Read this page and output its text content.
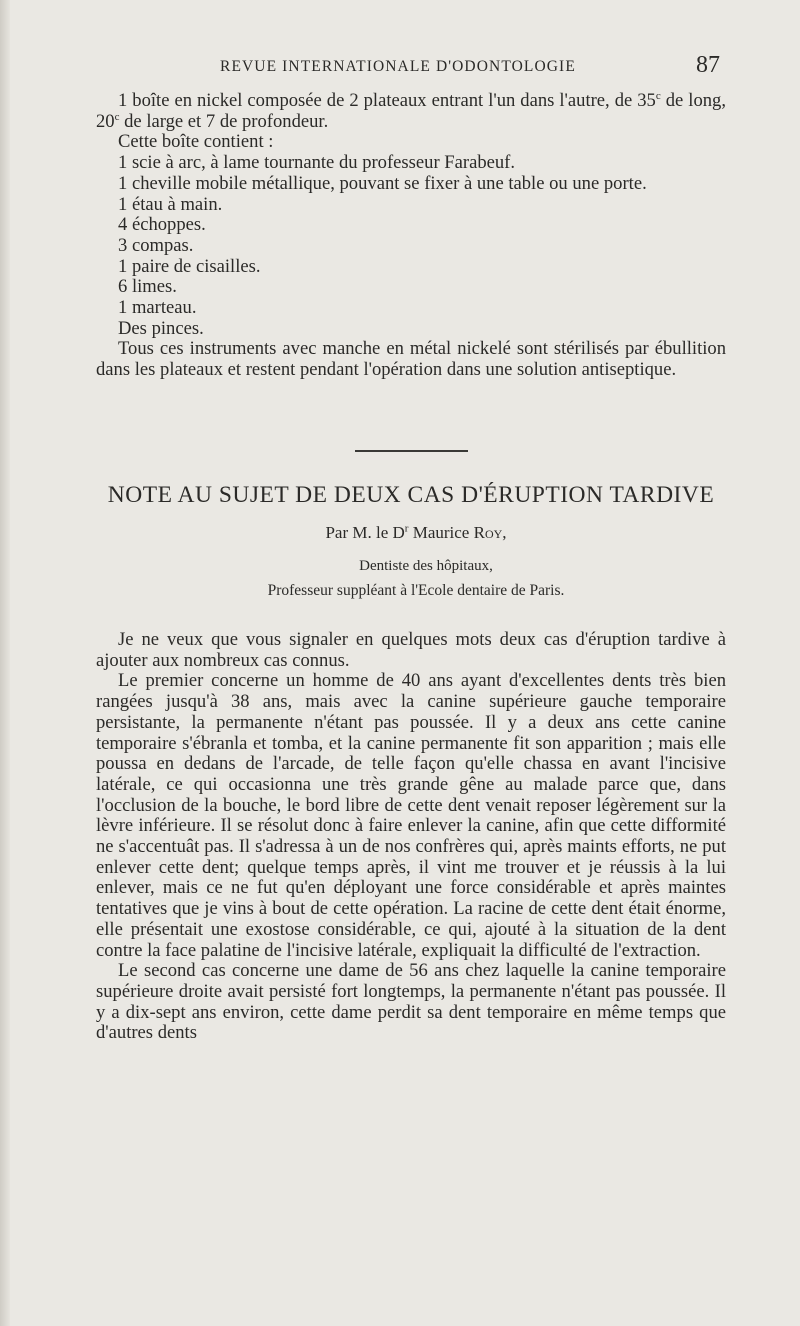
REVUE INTERNATIONALE D'ODONTOLOGIE	87

1 boîte en nickel composée de 2 plateaux entrant l'un dans l'autre, de 35$^c$ de long, 20$^c$ de large et 7 de profondeur.

Cette boîte contient :

1 scie à arc, à lame tournante du professeur Farabeuf.

1 cheville mobile métallique, pouvant se fixer à une table ou une porte.

1 étau à main.

4 échoppes.

3 compas.

1 paire de cisailles.

6 limes.

1 marteau.

Des pinces.

Tous ces instruments avec manche en métal nickelé sont stérilisés par ébullition dans les plateaux et restent pendant l'opération dans une solution antiseptique.

NOTE AU SUJET DE DEUX CAS D'ÉRUPTION TARDIVE
Par M. le $D^r$ Maurice Roy,
Dentiste des hôpitaux,
Professeur suppléant à l'Ecole dentaire de Paris.

Je ne veux que vous signaler en quelques mots deux cas d'éruption tardive à ajouter aux nombreux cas connus.

Le premier concerne un homme de 40 ans ayant d'excellentes dents très bien rangées jusqu'à 38 ans, mais avec la canine supérieure gauche temporaire persistante, la permanente n'étant pas poussée. Il y a deux ans cette canine temporaire s'ébranla et tomba, et la canine permanente fit son apparition ; mais elle poussa en dedans de l'arcade, de telle façon qu'elle chassa en avant l'incisive latérale, ce qui occasionna une très grande gêne au malade parce que, dans l'occlusion de la bouche, le bord libre de cette dent venait reposer légèrement sur la lèvre inférieure. Il se résolut donc à faire enlever la canine, afin que cette difformité ne s'accentuât pas. Il s'adressa à un de nos confrères qui, après maints efforts, ne put enlever cette dent; quelque temps après, il vint me trouver et je réussis à la lui enlever, mais ce ne fut qu'en déployant une force considérable et après maintes tentatives que je vins à bout de cette opération. La racine de cette dent était énorme, elle présentait une exostose considérable, ce qui, ajouté à la situation de la dent contre la face palatine de l'incisive latérale, expliquait la difficulté de l'extraction.

Le second cas concerne une dame de 56 ans chez laquelle la canine temporaire supérieure droite avait persisté fort longtemps, la permanente n'étant pas poussée. Il y a dix-sept ans environ, cette dame perdit sa dent temporaire en même temps que d'autres dents
